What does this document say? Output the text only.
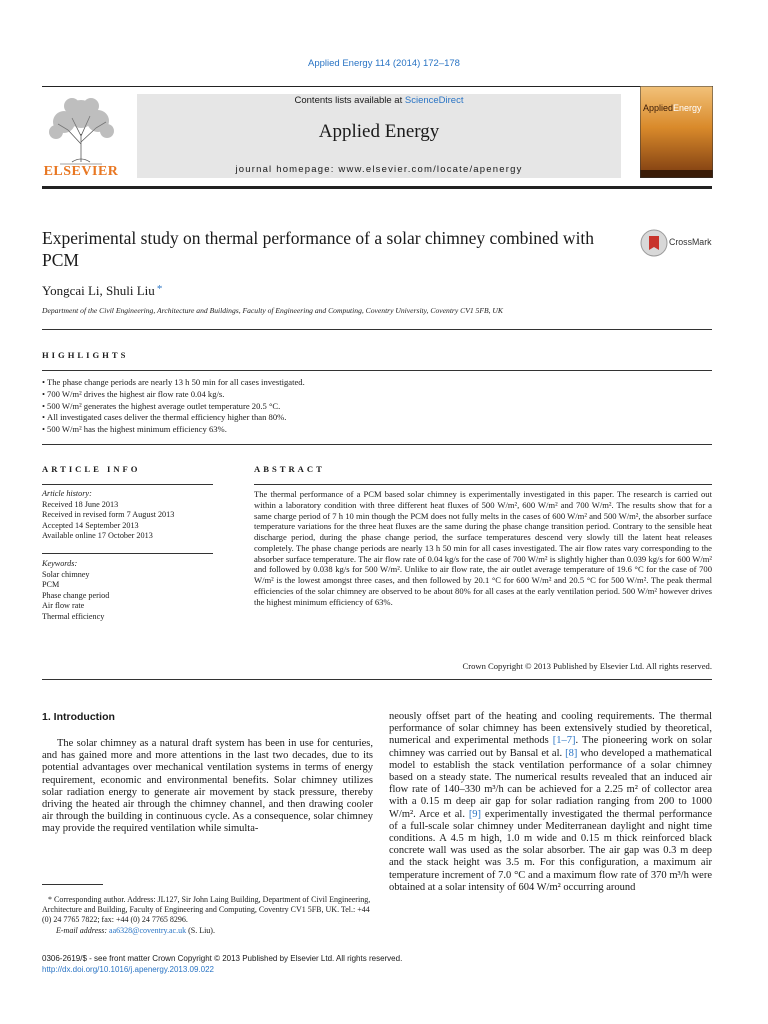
Applied Energy 114 (2014) 172–178
ELSEVIER
Contents lists available at ScienceDirect
Applied Energy
journal homepage: www.elsevier.com/locate/apenergy
AppliedEnergy
Experimental study on thermal performance of a solar chimney combined with PCM
CrossMark
Yongcai Li, Shuli Liu *
Department of the Civil Engineering, Architecture and Buildings, Faculty of Engineering and Computing, Coventry University, Coventry CV1 5FB, UK
HIGHLIGHTS
• The phase change periods are nearly 13 h 50 min for all cases investigated.
• 700 W/m² drives the highest air flow rate 0.04 kg/s.
• 500 W/m² generates the highest average outlet temperature 20.5 °C.
• All investigated cases deliver the thermal efficiency higher than 80%.
• 500 W/m² has the highest minimum efficiency 63%.
ARTICLE INFO
Article history:
Received 18 June 2013
Received in revised form 7 August 2013
Accepted 14 September 2013
Available online 17 October 2013
Keywords:
Solar chimney
PCM
Phase change period
Air flow rate
Thermal efficiency
ABSTRACT
The thermal performance of a PCM based solar chimney is experimentally investigated in this paper. The research is carried out within a laboratory condition with three different heat fluxes of 500 W/m², 600 W/m² and 700 W/m². The results show that for a same charge period of 7 h 10 min though the PCM does not fully melts in the cases of 600 W/m² and 500 W/m², the absorber surface temperature variations for the three heat fluxes are the same during the phase change transition period. Contrary to the sensible heat discharge period, during the phase change period, the surface temperatures descend very slowly till the latent heat releases completely. The phase change periods are nearly 13 h 50 min for all cases investigated. The air flow rates vary corresponding to the absorber surface temperature. The air flow rate of 0.04 kg/s for the case of 700 W/m² is slightly higher than 0.039 kg/s for 600 W/m² and followed by 0.038 kg/s for 500 W/m². Unlike to air flow rate, the air outlet average temperature of 19.6 °C for the case of 700 W/m² is the lowest amongst three cases, and then followed by 20.1 °C for 600 W/m² and 20.5 °C for 500 W/m². The peak thermal efficiencies of the solar chimney are observed to be about 80% for all cases at the early ventilation period. 500 W/m² however drives the highest minimum efficiency of 63%.
Crown Copyright © 2013 Published by Elsevier Ltd. All rights reserved.
1. Introduction

The solar chimney as a natural draft system has been in use for centuries, and has gained more and more attentions in the last two decades, due to its potential advantages over mechanical ventilation systems in terms of energy requirement, economic and environmental benefits. Solar chimney utilizes solar radiation energy to generate air movement by stack pressure, thereby driving the heated air through the chimney channel, and then drawing cooler air through the building in continuous cycle. As a consequence, solar chimney may provide the required ventilation while simulta-

neously offset part of the heating and cooling requirements. The thermal performance of solar chimney has been extensively studied by theoretical, numerical and experimental methods [1–7]. The pioneering work on solar chimney was carried out by Bansal et al. [8] who developed a mathematical model to establish the stack ventilation performance of a solar chimney based on a steady state. The numerical results revealed that an induced air flow rate of 140–330 m³/h can be achieved for a 2.25 m² of collector area with a 0.15 m deep air gap for solar radiation ranging from 200 to 1000 W/m². Arce et al. [9] experimentally investigated the thermal performance of a full-scale solar chimney under Mediterranean daylight and night time conditions. A 4.5 m high, 1.0 m wide and 0.15 m thick reinforced black concrete wall was used as the solar absorber. The air gap was 0.3 m deep and the stack height was 3.5 m. For this configuration, a maximum air temperature increment of 7.0 °C and a maximum flow rate of 370 m³/h were obtained at a solar intensity of 604 W/m² occurring around

* Corresponding author. Address: JL127, Sir John Laing Building, Department of Civil Engineering, Architecture and Building, Faculty of Engineering and Computing, Coventry CV1 5FB, UK. Tel.: +44 (0) 24 7765 7822; fax: +44 (0) 24 7765 8296.
E-mail address: aa6328@coventry.ac.uk (S. Liu).
0306-2619/$ - see front matter Crown Copyright © 2013 Published by Elsevier Ltd. All rights reserved.
http://dx.doi.org/10.1016/j.apenergy.2013.09.022
